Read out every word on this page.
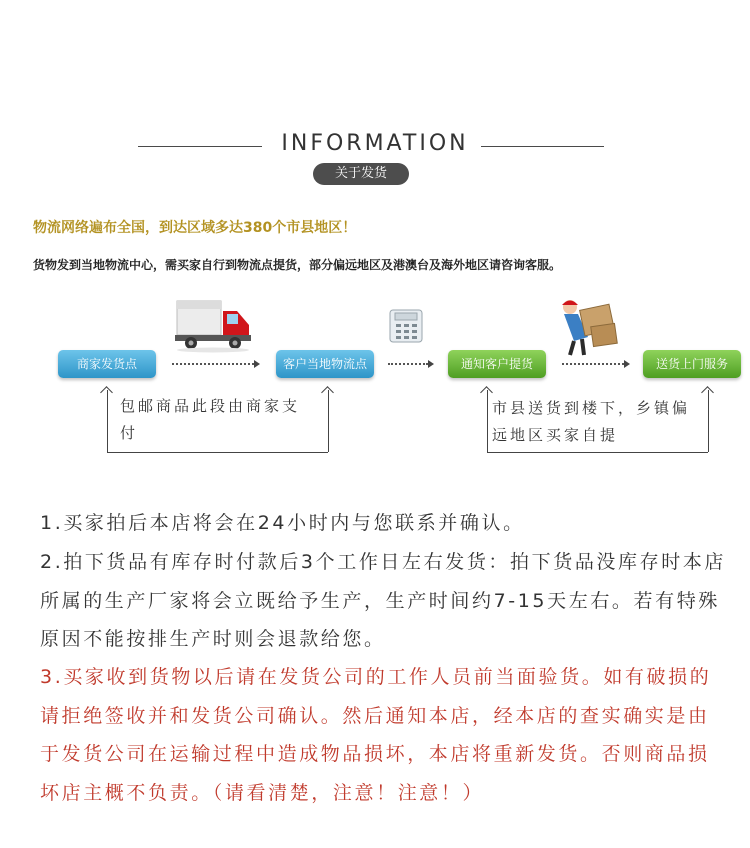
INFORMATION
关于发货
物流网络遍布全国，到达区域多达380个市县地区！
货物发到当地物流中心，需买家自行到物流点提货，部分偏远地区及港澳台及海外地区请咨询客服。
商家发货点	客户当地物流点	通知客户提货	送货上门服务
包邮商品此段由商家支付
市县送货到楼下，乡镇偏远地区买家自提
1.买家拍后本店将会在24小时内与您联系并确认。
2.拍下货品有库存时付款后3个工作日左右发货：拍下货品没库存时本店所属的生产厂家将会立既给予生产，生产时间约7-15天左右。若有特殊原因不能按排生产时则会退款给您。
3.买家收到货物以后请在发货公司的工作人员前当面验货。如有破损的请拒绝签收并和发货公司确认。然后通知本店，经本店的查实确实是由于发货公司在运输过程中造成物品损坏，本店将重新发货。否则商品损坏店主概不负责。（请看清楚，注意！注意！）
